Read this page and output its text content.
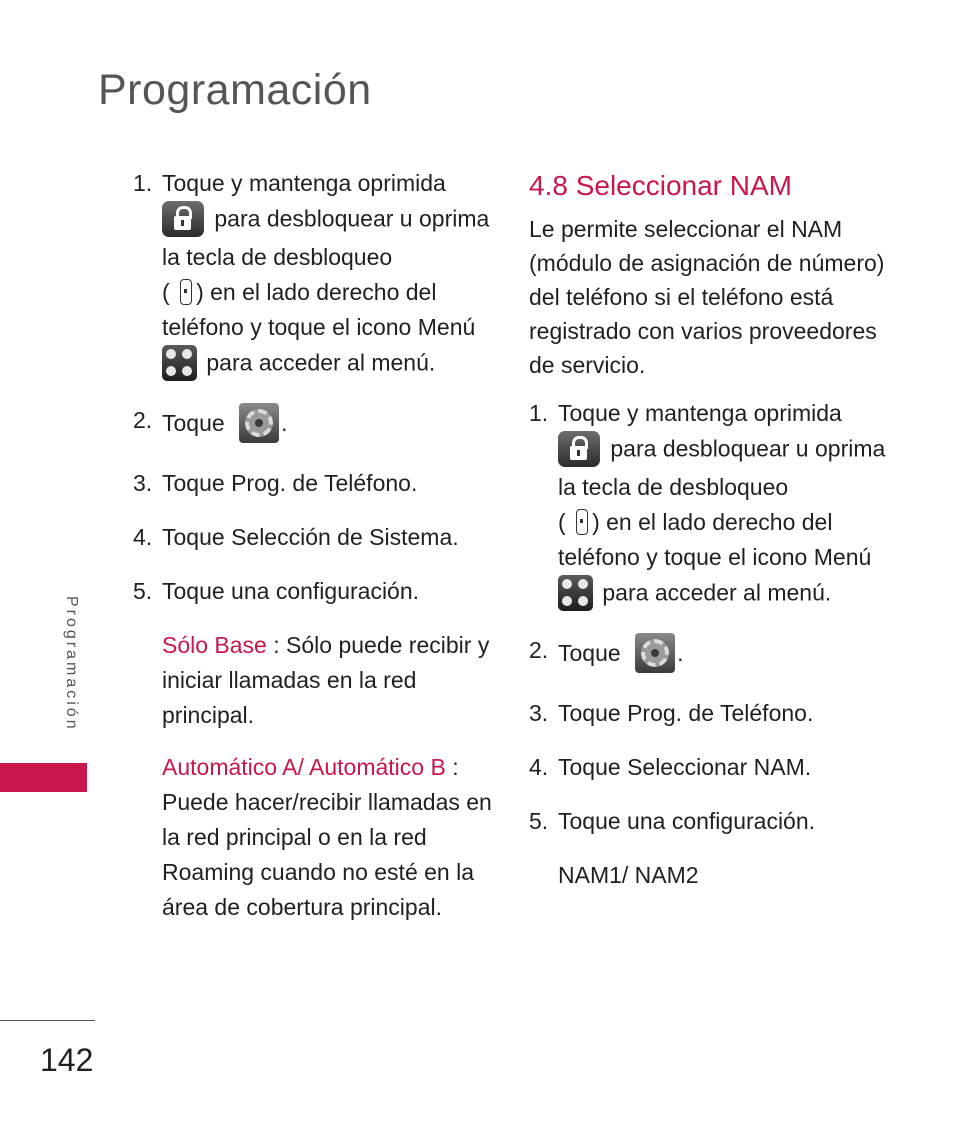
Programación
Programación
142
1. Toque y mantenga oprimida

para desbloquear u oprima la tecla de desbloqueo
( ) en el lado derecho del teléfono y toque el icono Menú
para acceder al menú.
2. Toque .
3. Toque Prog. de Teléfono.
4. Toque Selección de Sistema.
5. Toque una configuración.

Sólo Base : Sólo puede recibir y iniciar llamadas en la red principal.

Automático A/ Automático B : Puede hacer/recibir llamadas en la red principal o en la red Roaming cuando no esté en la área de cobertura principal.

4.8 Seleccionar NAM

Le permite seleccionar el NAM (módulo de asignación de número) del teléfono si el teléfono está registrado con varios proveedores de servicio.

1. Toque y mantenga oprimida

para desbloquear u oprima la tecla de desbloqueo
( ) en el lado derecho del teléfono y toque el icono Menú
para acceder al menú.
2. Toque .
3. Toque Prog. de Teléfono.
4. Toque Seleccionar NAM.
5. Toque una configuración.

NAM1/ NAM2
